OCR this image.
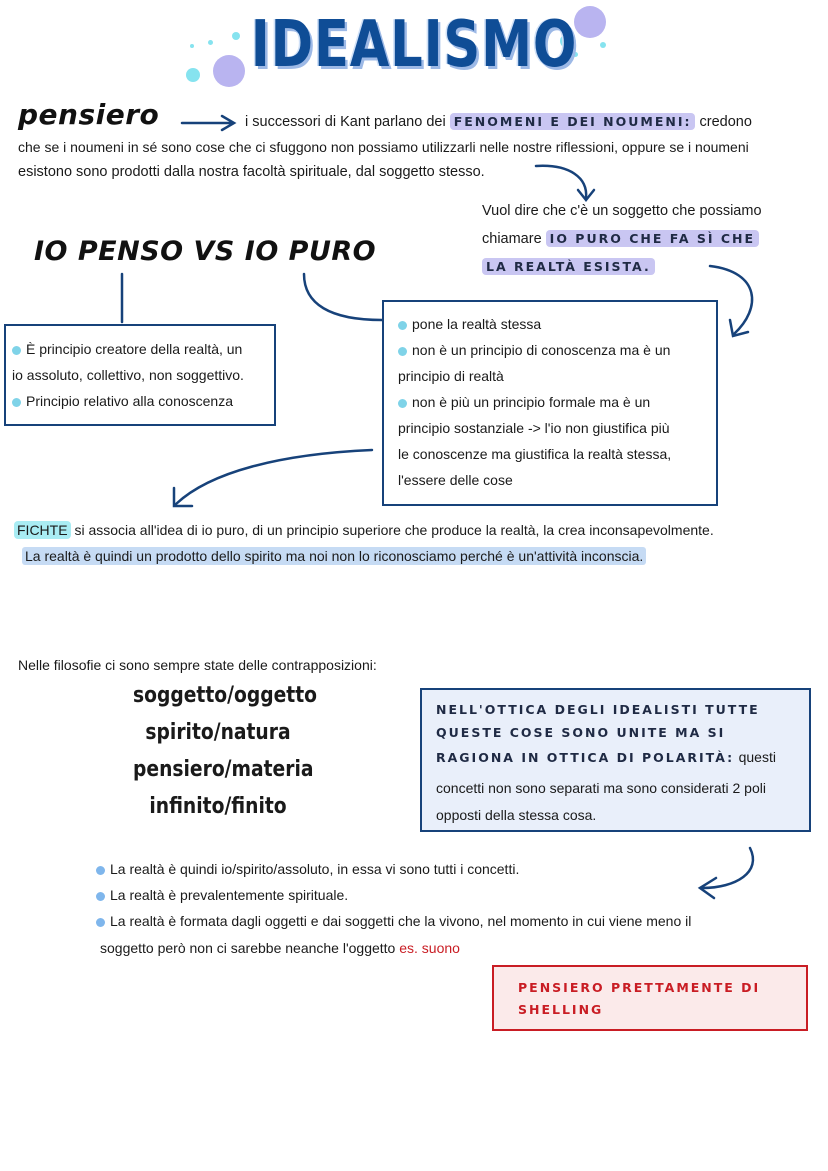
IDEALISMO
pensiero	i successori di Kant parlano dei FENOMENI E DEI NOUMENI: credono
che se i noumeni in sé sono cose che ci sfuggono non possiamo utilizzarli nelle nostre riflessioni, oppure se i noumeni
esistono sono prodotti dalla nostra facoltà spirituale, dal soggetto stesso.
Vuol dire che c'è un soggetto che possiamo
chiamare IO PURO CHE FA SÌ CHE
LA REALTÀ ESISTA.
IO PENSO VS IO PURO
È principio creatore della realtà, un
io assoluto, collettivo, non soggettivo.
Principio relativo alla conoscenza
pone la realtà stessa
non è un principio di conoscenza ma è un
principio di realtà
non è più un principio formale ma è un
principio sostanziale -> l'io non giustifica più
le conoscenze ma giustifica la realtà stessa,
l'essere delle cose
FICHTE si associa all'idea di io puro, di un principio superiore che produce la realtà, la crea inconsapevolmente.
La realtà è quindi un prodotto dello spirito ma noi non lo riconosciamo perché è un'attività inconscia.
Nelle filosofie ci sono sempre state delle contrapposizioni:
soggetto/oggetto
spirito/natura
pensiero/materia
infinito/finito
NELL'OTTICA DEGLI IDEALISTI TUTTE
QUESTE COSE SONO UNITE MA SI
RAGIONA IN OTTICA DI POLARITÀ: questi
concetti non sono separati ma sono considerati 2 poli
opposti della stessa cosa.
La realtà è quindi io/spirito/assoluto, in essa vi sono tutti i concetti.
La realtà è prevalentemente spirituale.
La realtà è formata dagli oggetti e dai soggetti che la vivono, nel momento in cui viene meno il
soggetto però non ci sarebbe neanche l'oggetto es. suono
PENSIERO PRETTAMENTE DI
SHELLING
